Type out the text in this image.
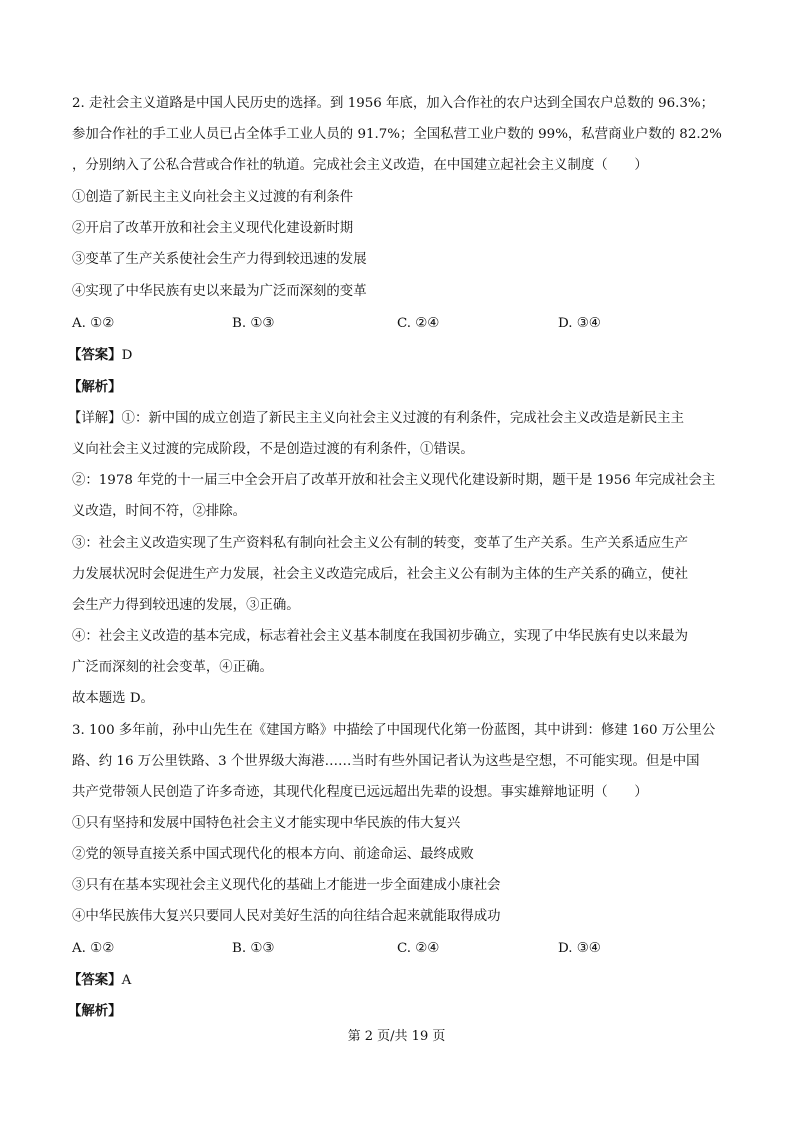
2. 走社会主义道路是中国人民历史的选择。到 1956 年底，加入合作社的农户达到全国农户总数的 96.3%；
参加合作社的手工业人员已占全体手工业人员的 91.7%；全国私营工业户数的 99%，私营商业户数的 82.2%
，分别纳入了公私合营或合作社的轨道。完成社会主义改造，在中国建立起社会主义制度（　　）
①创造了新民主主义向社会主义过渡的有利条件
②开启了改革开放和社会主义现代化建设新时期
③变革了生产关系使社会生产力得到较迅速的发展
④实现了中华民族有史以来最为广泛而深刻的变革
A. ①②	B. ①③	C. ②④	D. ③④
【答案】D
【解析】
【详解】①：新中国的成立创造了新民主主义向社会主义过渡的有利条件，完成社会主义改造是新民主主
义向社会主义过渡的完成阶段，不是创造过渡的有利条件，①错误。
②：1978 年党的十一届三中全会开启了改革开放和社会主义现代化建设新时期，题干是 1956 年完成社会主
义改造，时间不符，②排除。
③：社会主义改造实现了生产资料私有制向社会主义公有制的转变，变革了生产关系。生产关系适应生产
力发展状况时会促进生产力发展，社会主义改造完成后，社会主义公有制为主体的生产关系的确立，使社
会生产力得到较迅速的发展，③正确。
④：社会主义改造的基本完成，标志着社会主义基本制度在我国初步确立，实现了中华民族有史以来最为
广泛而深刻的社会变革，④正确。
故本题选 D。
3. 100 多年前，孙中山先生在《建国方略》中描绘了中国现代化第一份蓝图，其中讲到：修建 160 万公里公
路、约 16 万公里铁路、3 个世界级大海港……当时有些外国记者认为这些是空想，不可能实现。但是中国
共产党带领人民创造了许多奇迹，其现代化程度已远远超出先辈的设想。事实雄辩地证明（　　）
①只有坚持和发展中国特色社会主义才能实现中华民族的伟大复兴
②党的领导直接关系中国式现代化的根本方向、前途命运、最终成败
③只有在基本实现社会主义现代化的基础上才能进一步全面建成小康社会
④中华民族伟大复兴只要同人民对美好生活的向往结合起来就能取得成功
A. ①②	B. ①③	C. ②④	D. ③④
【答案】A
【解析】
第 2 页/共 19 页
